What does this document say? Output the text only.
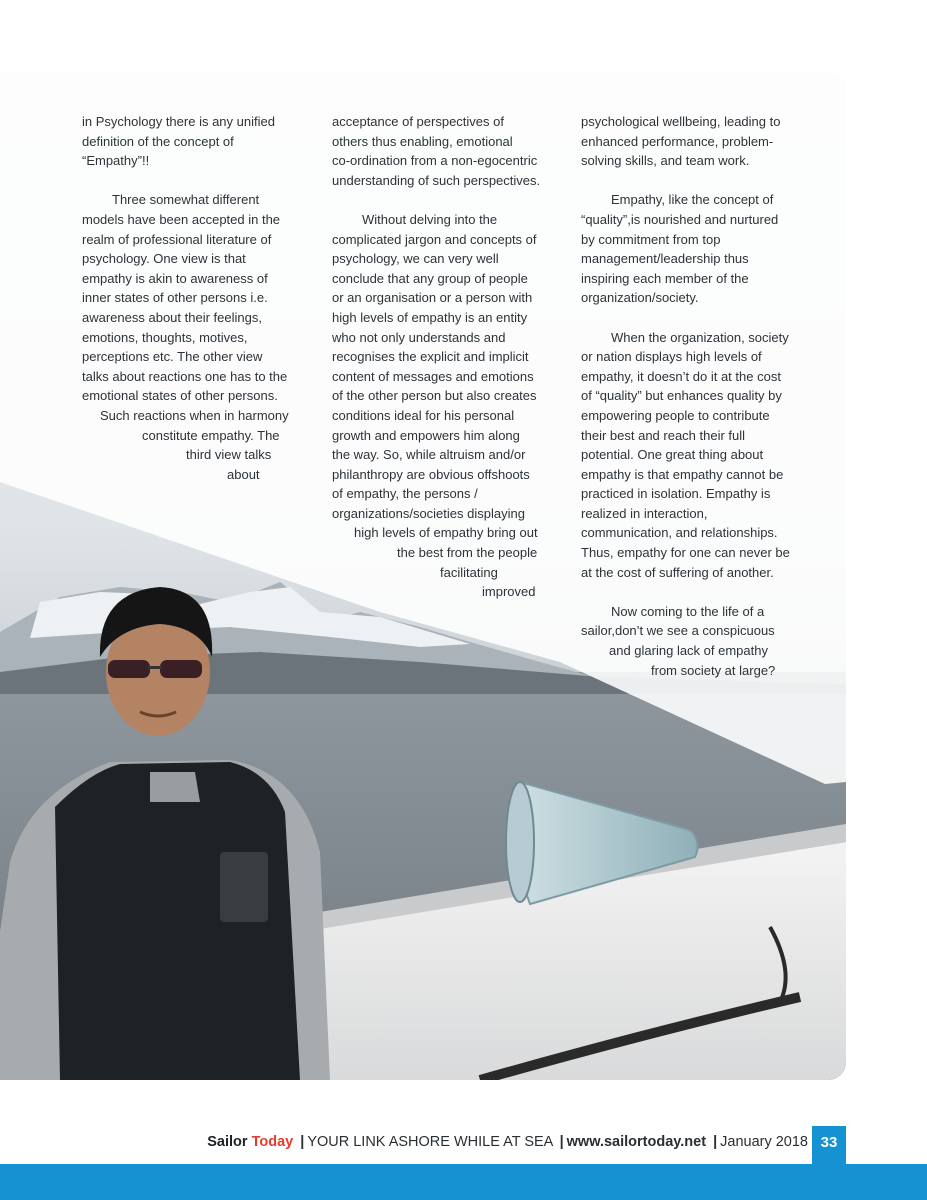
in Psychology there is any unified
definition of the concept of
“Empathy”!!

Three somewhat different
models have been accepted in the
realm of professional literature of
psychology. One view is that
empathy is akin to awareness of
inner states of other persons i.e.
awareness about their feelings,
emotions, thoughts, motives,
perceptions etc. The other view
talks about reactions one has to the
emotional states of other persons.
Such reactions when in harmony
constitute empathy. The
third view talks
about

acceptance of perspectives of
others thus enabling, emotional
co-ordination from a non-egocentric
understanding of such perspectives.

Without delving into the
complicated jargon and concepts of
psychology, we can very well
conclude that any group of people
or an organisation or a person with
high levels of empathy is an entity
who not only understands and
recognises the explicit and implicit
content of messages and emotions
of the other person but also creates
conditions ideal for his personal
growth and empowers him along
the way. So, while altruism and/or
philanthropy are obvious offshoots
of empathy, the persons /
organizations/societies displaying
high levels of empathy bring out
the best from the people
facilitating
improved

psychological wellbeing, leading to
enhanced performance, problem-
solving skills, and team work.

Empathy, like the concept of
“quality”,is nourished and nurtured
by commitment from top
management/leadership thus
inspiring each member of the
organization/society.

When the organization, society
or nation displays high levels of
empathy, it doesn’t do it at the cost
of “quality” but enhances quality by
empowering people to contribute
their best and reach their full
potential. One great thing about
empathy is that empathy cannot be
practiced in isolation. Empathy is
realized in interaction,
communication, and relationships.
Thus, empathy for one can never be
at the cost of suffering of another.

Now coming to the life of a
sailor,don’t we see a conspicuous
and glaring lack of empathy
from society at large?

Sailor Today | YOUR LINK ASHORE WHILE AT SEA | www.sailortoday.net | January 2018 33
